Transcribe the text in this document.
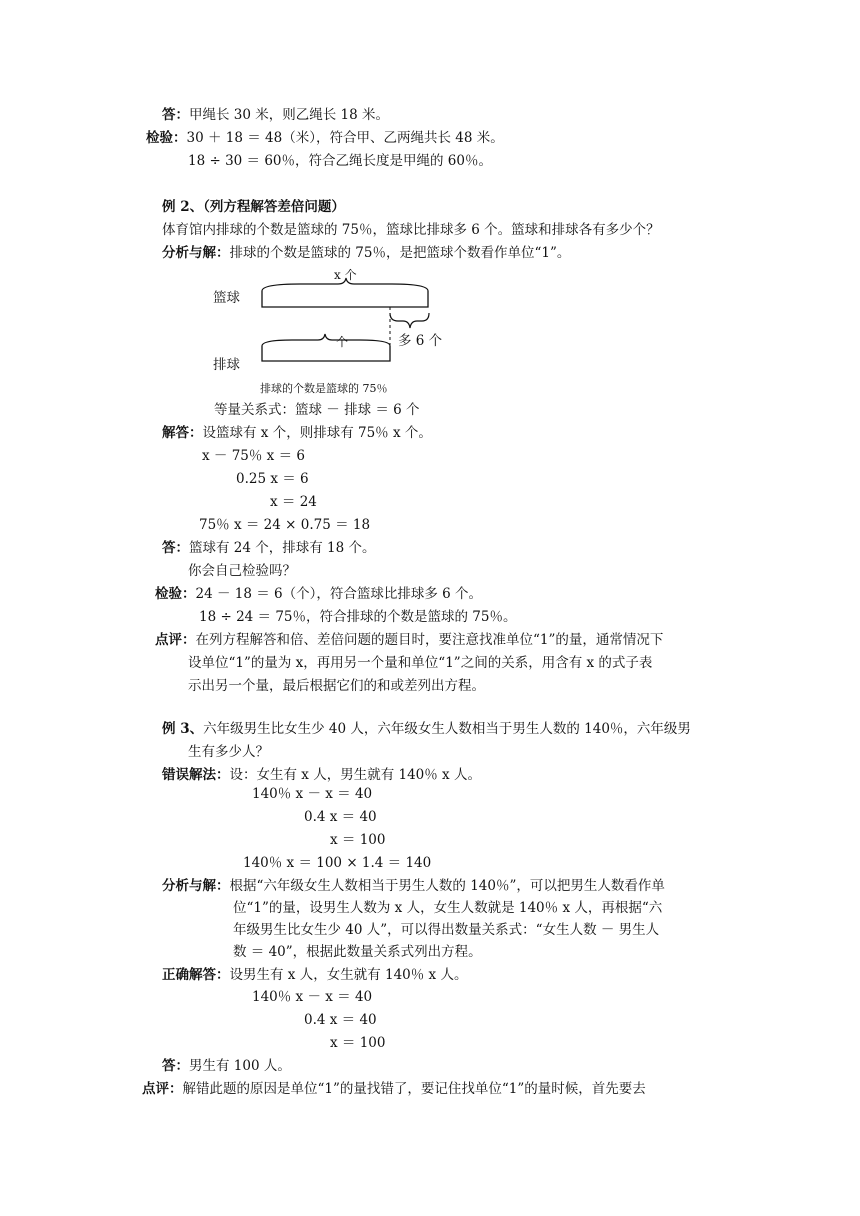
答：甲绳长 30 米，则乙绳长 18 米。
检验：30 ＋ 18 ＝ 48（米），符合甲、乙两绳共长 48 米。
18 ÷ 30 ＝ 60％，符合乙绳长度是甲绳的 60％。
例 2、（列方程解答差倍问题）
体育馆内排球的个数是篮球的 75％，篮球比排球多 6 个。篮球和排球各有多少个？
分析与解：排球的个数是篮球的 75％，是把篮球个数看作单位“1”。
x 个
篮球
个	多 6 个
排球
排球的个数是篮球的 75％
等量关系式：篮球 － 排球 ＝ 6 个
解答：设篮球有 x 个，则排球有 75％ x 个。
x － 75％ x ＝ 6
0.25 x ＝ 6
x ＝ 24
75％ x ＝ 24 × 0.75 ＝ 18
答：篮球有 24 个，排球有 18 个。
你会自己检验吗？
检验：24 － 18 ＝ 6（个），符合篮球比排球多 6 个。
18 ÷ 24 ＝ 75％，符合排球的个数是篮球的 75％。
点评：在列方程解答和倍、差倍问题的题目时，要注意找准单位“1”的量，通常情况下
设单位“1”的量为 x，再用另一个量和单位“1”之间的关系，用含有 x 的式子表
示出另一个量，最后根据它们的和或差列出方程。
例 3、六年级男生比女生少 40 人，六年级女生人数相当于男生人数的 140％，六年级男
生有多少人？
错误解法：设：女生有 x 人，男生就有 140％ x 人。
140％ x － x ＝ 40
0.4 x ＝ 40
x ＝ 100
140％ x ＝ 100 × 1.4 ＝ 140
分析与解：根据“六年级女生人数相当于男生人数的 140％”，可以把男生人数看作单
位“1”的量，设男生人数为 x 人，女生人数就是 140％ x 人，再根据“六
年级男生比女生少 40 人”，可以得出数量关系式：“女生人数 － 男生人
数 ＝ 40”，根据此数量关系式列出方程。
正确解答：设男生有 x 人，女生就有 140％ x 人。
140％ x － x ＝ 40
0.4 x ＝ 40
x ＝ 100
答：男生有 100 人。
点评：解错此题的原因是单位“1”的量找错了，要记住找单位“1”的量时候，首先要去
